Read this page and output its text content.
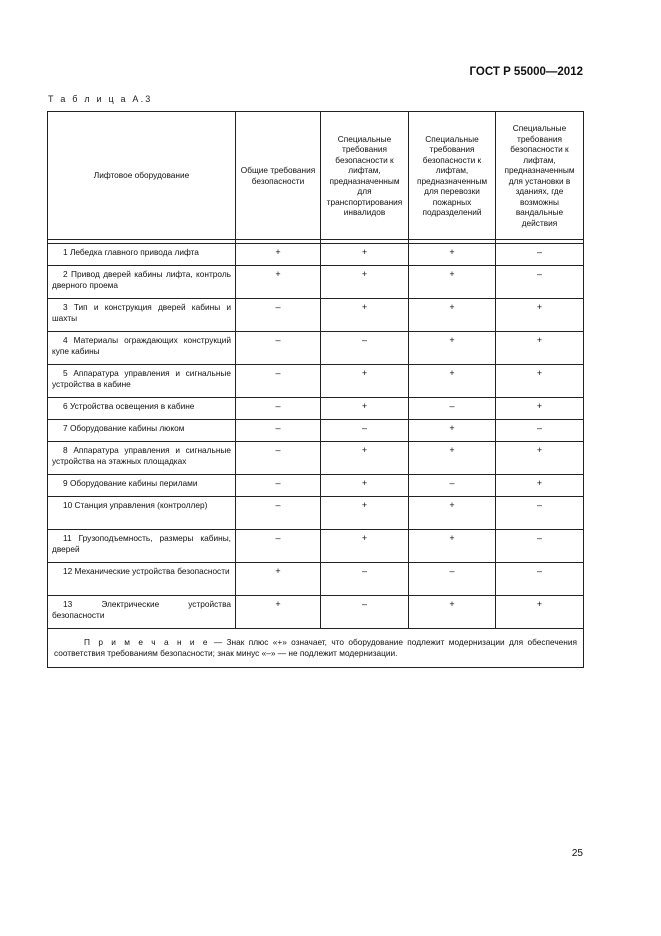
ГОСТ Р 55000—2012
Т а б л и ц а А.3
Лифтовое оборудование	Общие требования безопасности	Специальные требования безопасности к лифтам, предназначенным для транспортирования инвалидов	Специальные требования безопасности к лифтам, предназначенным для перевозки пожарных подразделений	Специальные требования безопасности к лифтам, предназначенным для установки в зданиях, где возможны вандальные действия

1 Лебедка главного привода лифта	+	+	+	–
2 Привод дверей кабины лифта, контроль дверного проема	+	+	+	–
3 Тип и конструкция дверей кабины и шахты	–	+	+	+
4 Материалы ограждающих конструкций купе кабины	–	–	+	+
5 Аппаратура управления и сигнальные устройства в кабине	–	+	+	+
6 Устройства освещения в кабине	–	+	–	+
7 Оборудование кабины люком	–	–	+	–
8 Аппаратура управления и сигнальные устройства на этажных площадках	–	+	+	+
9 Оборудование кабины перилами	–	+	–	+
10 Станция управления (контроллер)	–	+	+	–
11 Грузоподъемность, размеры кабины, дверей	–	+	+	–
12 Механические устройства безопасности	+	–	–	–
13 Электрические устройства безопасности	+	–	+	+
П р и м е ч а н и е — Знак плюс «+» означает, что оборудование подлежит модернизации для обеспечения соответствия требованиям безопасности; знак минус «–» — не подлежит модернизации.				
25
